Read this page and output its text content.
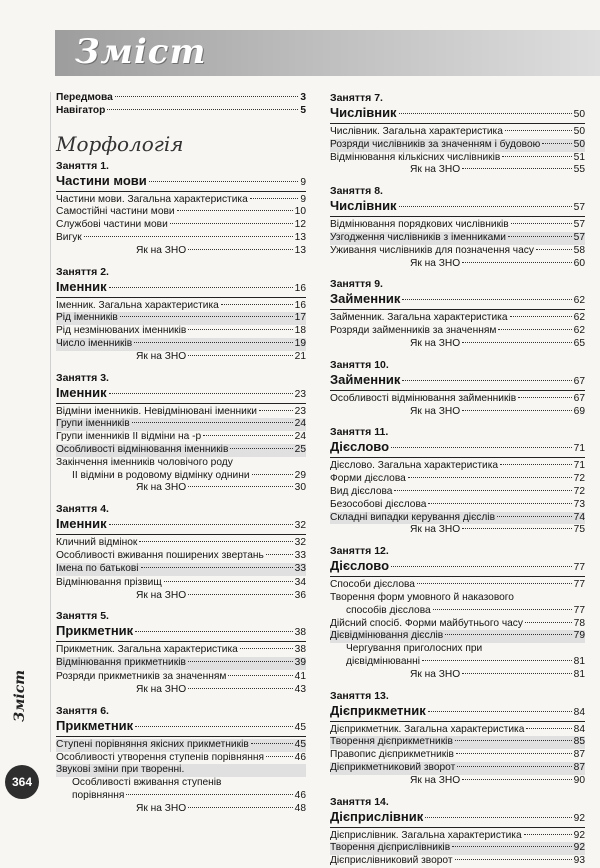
Зміст
Зміст
364
Передмова	3
Навігатор	5
Морфологія
Заняття 1.
Частини мови	9
Частини мови. Загальна характеристика	9
Самостійні частини мови	10
Службові частини мови	12
Вигук	13
Як на ЗНО	13
Заняття 2.
Іменник	16
Іменник. Загальна характеристика	16
Рід іменників	17
Рід незмінюваних іменників	18
Число іменників	19
Як на ЗНО	21
Заняття 3.
Іменник	23
Відміни іменників. Невідмінювані іменники	23
Групи іменників	24
Групи іменників ІІ відміни на -р	24
Особливості відмінювання іменників	25
Закінчення іменників чоловічого роду
ІІ відміни в родовому відмінку однини	29
Як на ЗНО	30
Заняття 4.
Іменник	32
Кличний відмінок	32
Особливості вживання поширених звертань	33
Імена по батькові	33
Відмінювання прізвищ	34
Як на ЗНО	36
Заняття 5.
Прикметник	38
Прикметник. Загальна характеристика	38
Відмінювання прикметників	39
Розряди прикметників за значенням	41
Як на ЗНО	43
Заняття 6.
Прикметник	45
Ступені порівняння якісних прикметників	45
Особливості утворення ступенів порівняння	46
Звукові зміни при творенні.
Особливості вживання ступенів
порівняння	46
Як на ЗНО	48
Заняття 7.
Числівник	50
Числівник. Загальна характеристика	50
Розряди числівників за значенням і будовою	50
Відмінювання кількісних числівників	51
Як на ЗНО	55
Заняття 8.
Числівник	57
Відмінювання порядкових числівників	57
Узгодження числівників з іменниками	57
Уживання числівників для позначення часу	58
Як на ЗНО	60
Заняття 9.
Займенник	62
Займенник. Загальна характеристика	62
Розряди займенників за значенням	62
Як на ЗНО	65
Заняття 10.
Займенник	67
Особливості відмінювання займенників	67
Як на ЗНО	69
Заняття 11.
Дієслово	71
Дієслово. Загальна характеристика	71
Форми дієслова	72
Вид дієслова	72
Безособові дієслова	73
Складні випадки керування дієслів	74
Як на ЗНО	75
Заняття 12.
Дієслово	77
Способи дієслова	77
Творення форм умовного й наказового
способів дієслова	77
Дійсний спосіб. Форми майбутнього часу	78
Дієвідмінювання дієслів	79
Чергування приголосних при
дієвідмінюванні	81
Як на ЗНО	81
Заняття 13.
Дієприкметник	84
Дієприкметник. Загальна характеристика	84
Творення дієприкметників	85
Правопис дієприкметників	87
Дієприкметниковий зворот	87
Як на ЗНО	90
Заняття 14.
Дієприслівник	92
Дієприслівник. Загальна характеристика	92
Творення дієприслівників	92
Дієприслівниковий зворот	93
